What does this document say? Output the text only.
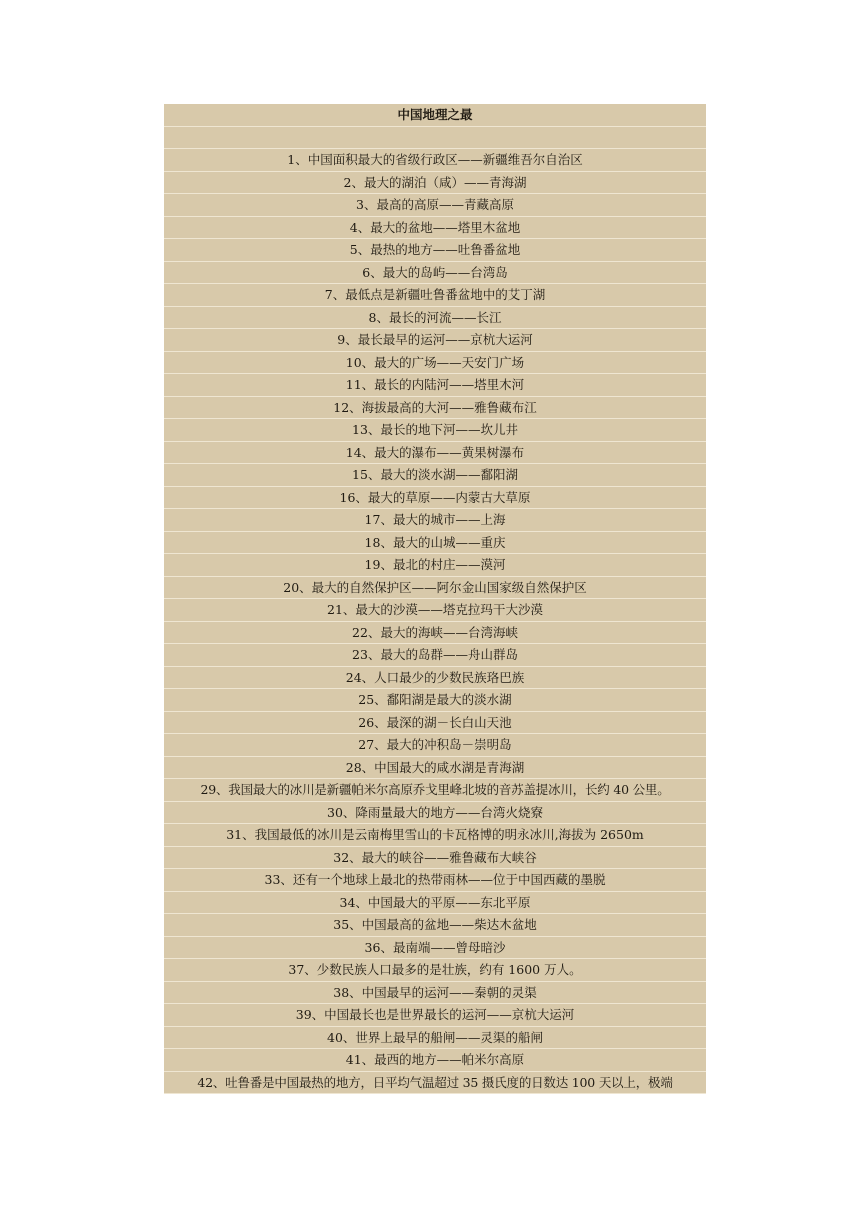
中国地理之最
1、中国面积最大的省级行政区——新疆维吾尔自治区
2、最大的湖泊（咸）——青海湖
3、最高的高原——青藏高原
4、最大的盆地——塔里木盆地
5、最热的地方——吐鲁番盆地
6、最大的岛屿——台湾岛
7、最低点是新疆吐鲁番盆地中的艾丁湖
8、最长的河流——长江
9、最长最早的运河——京杭大运河
10、最大的广场——天安门广场
11、最长的内陆河——塔里木河
12、海拔最高的大河——雅鲁藏布江
13、最长的地下河——坎儿井
14、最大的瀑布——黄果树瀑布
15、最大的淡水湖——鄱阳湖
16、最大的草原——内蒙古大草原
17、最大的城市——上海
18、最大的山城——重庆
19、最北的村庄——漠河
20、最大的自然保护区——阿尔金山国家级自然保护区
21、最大的沙漠——塔克拉玛干大沙漠
22、最大的海峡——台湾海峡
23、最大的岛群——舟山群岛
24、人口最少的少数民族珞巴族
25、鄱阳湖是最大的淡水湖
26、最深的湖－长白山天池
27、最大的冲积岛－崇明岛
28、中国最大的咸水湖是青海湖
29、我国最大的冰川是新疆帕米尔高原乔戈里峰北坡的音苏盖提冰川，长约 40 公里。
30、降雨量最大的地方——台湾火烧寮
31、我国最低的冰川是云南梅里雪山的卡瓦格博的明永冰川,海拔为 2650m
32、最大的峡谷——雅鲁藏布大峡谷
33、还有一个地球上最北的热带雨林——位于中国西藏的墨脱
34、中国最大的平原——东北平原
35、中国最高的盆地——柴达木盆地
36、最南端——曾母暗沙
37、少数民族人口最多的是壮族，约有 1600 万人。
38、中国最早的运河——秦朝的灵渠
39、中国最长也是世界最长的运河——京杭大运河
40、世界上最早的船闸——灵渠的船闸
41、最西的地方——帕米尔高原
42、吐鲁番是中国最热的地方，日平均气温超过 35 摄氏度的日数达 100 天以上，极端
